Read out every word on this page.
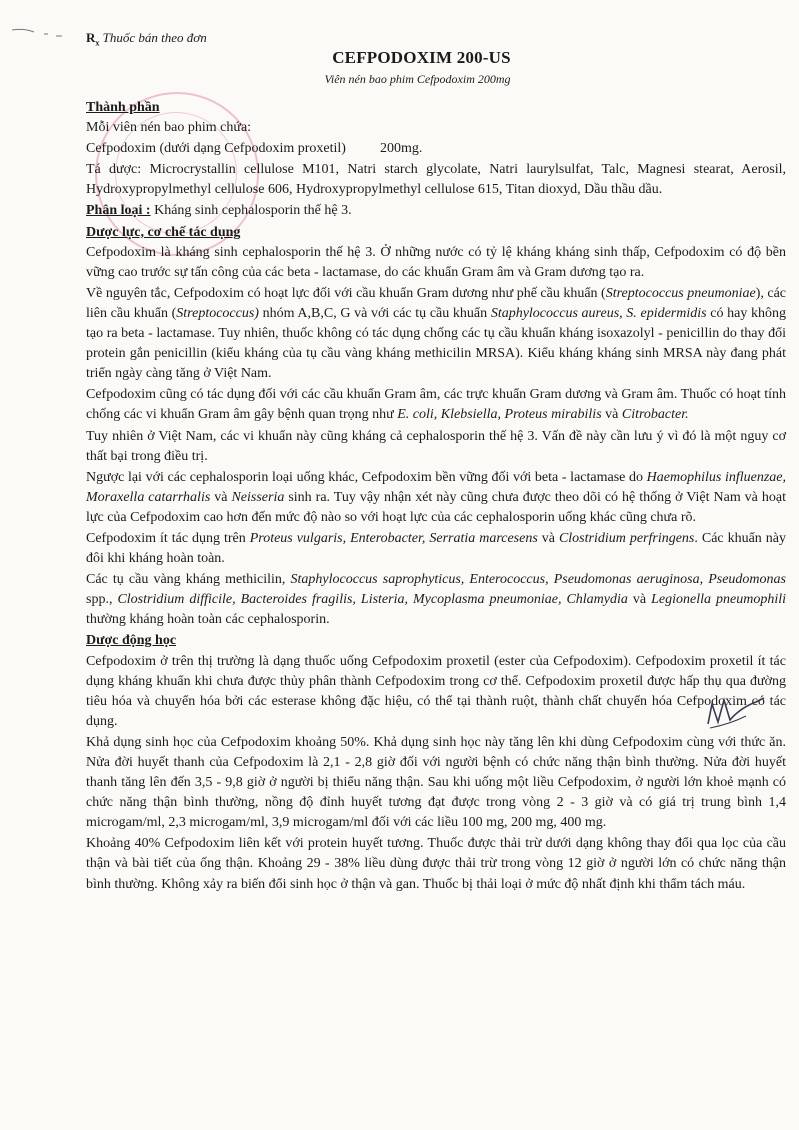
$R_x$ Thuốc bán theo đơn
CEFPODOXIM 200-US
Viên nén bao phim Cefpodoxim 200mg
Thành phần

Mỗi viên nén bao phim chứa:

Cefpodoxim (dưới dạng Cefpodoxim proxetil) 200mg.

Tá dược: Microcrystallin cellulose M101, Natri starch glycolate, Natri laurylsulfat, Talc, Magnesi stearat, Aerosil, Hydroxypropylmethyl cellulose 606, Hydroxypropylmethyl cellulose 615, Titan dioxyd, Dầu thầu dầu.

Phân loại : Kháng sinh cephalosporin thế hệ 3.

Dược lực, cơ chế tác dụng

Cefpodoxim là kháng sinh cephalosporin thế hệ 3. Ở những nước có tỷ lệ kháng kháng sinh thấp, Cefpodoxim có độ bền vững cao trước sự tấn công của các beta - lactamase, do các khuẩn Gram âm và Gram dương tạo ra.

Về nguyên tắc, Cefpodoxim có hoạt lực đối với cầu khuẩn Gram dương như phế cầu khuẩn (Streptococcus pneumoniae), các liên cầu khuẩn (Streptococcus) nhóm A,B,C, G và với các tụ cầu khuẩn Staphylococcus aureus, S. epidermidis có hay không tạo ra beta - lactamase. Tuy nhiên, thuốc không có tác dụng chống các tụ cầu khuẩn kháng isoxazolyl - penicillin do thay đổi protein gắn penicillin (kiểu kháng của tụ cầu vàng kháng methicilin MRSA). Kiểu kháng kháng sinh MRSA này đang phát triển ngày càng tăng ở Việt Nam.

Cefpodoxim cũng có tác dụng đối với các cầu khuẩn Gram âm, các trực khuẩn Gram dương và Gram âm. Thuốc có hoạt tính chống các vi khuẩn Gram âm gây bệnh quan trọng như E. coli, Klebsiella, Proteus mirabilis và Citrobacter.

Tuy nhiên ở Việt Nam, các vi khuẩn này cũng kháng cả cephalosporin thế hệ 3. Vấn đề này cần lưu ý vì đó là một nguy cơ thất bại trong điều trị.

Ngược lại với các cephalosporin loại uống khác, Cefpodoxim bền vững đối với beta - lactamase do Haemophilus influenzae, Moraxella catarrhalis và Neisseria sinh ra. Tuy vậy nhận xét này cũng chưa được theo dõi có hệ thống ở Việt Nam và hoạt lực của Cefpodoxim cao hơn đến mức độ nào so với hoạt lực của các cephalosporin uống khác cũng chưa rõ.

Cefpodoxim ít tác dụng trên Proteus vulgaris, Enterobacter, Serratia marcesens và Clostridium perfringens. Các khuẩn này đôi khi kháng hoàn toàn.

Các tụ cầu vàng kháng methicilin, Staphylococcus saprophyticus, Enterococcus, Pseudomonas aeruginosa, Pseudomonas spp., Clostridium difficile, Bacteroides fragilis, Listeria, Mycoplasma pneumoniae, Chlamydia và Legionella pneumophili thường kháng hoàn toàn các cephalosporin.

Dược động học

Cefpodoxim ở trên thị trường là dạng thuốc uống Cefpodoxim proxetil (ester của Cefpodoxim). Cefpodoxim proxetil ít tác dụng kháng khuẩn khi chưa được thủy phân thành Cefpodoxim trong cơ thể. Cefpodoxim proxetil được hấp thụ qua đường tiêu hóa và chuyển hóa bởi các esterase không đặc hiệu, có thể tại thành ruột, thành chất chuyển hóa Cefpodoxim có tác dụng.

Khả dụng sinh học của Cefpodoxim khoảng 50%. Khả dụng sinh học này tăng lên khi dùng Cefpodoxim cùng với thức ăn. Nửa đời huyết thanh của Cefpodoxim là 2,1 - 2,8 giờ đối với người bệnh có chức năng thận bình thường. Nửa đời huyết thanh tăng lên đến 3,5 - 9,8 giờ ở người bị thiểu năng thận. Sau khi uống một liều Cefpodoxim, ở người lớn khoẻ mạnh có chức năng thận bình thường, nồng độ đỉnh huyết tương đạt được trong vòng 2 - 3 giờ và có giá trị trung bình 1,4 microgam/ml, 2,3 microgam/ml, 3,9 microgam/ml đối với các liều 100 mg, 200 mg, 400 mg.

Khoảng 40% Cefpodoxim liên kết với protein huyết tương. Thuốc được thải trừ dưới dạng không thay đổi qua lọc của cầu thận và bài tiết của ống thận. Khoảng 29 - 38% liều dùng được thải trừ trong vòng 12 giờ ở người lớn có chức năng thận bình thường. Không xảy ra biến đổi sinh học ở thận và gan. Thuốc bị thải loại ở mức độ nhất định khi thẩm tách máu.
